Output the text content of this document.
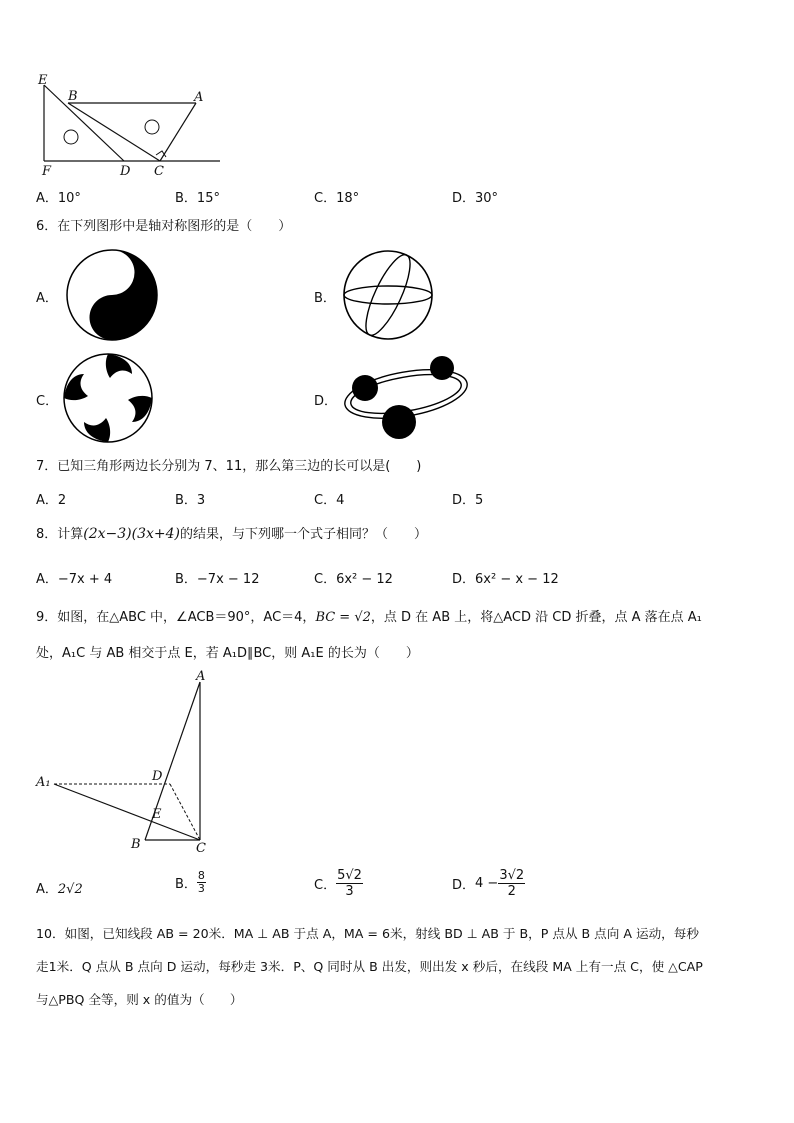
E
B	A
F	D C
A．10°	B．15°	C．18°	D．30°
6．在下列图形中是轴对称图形的是（　　）
A．	B．
C．	D．
7．已知三角形两边长分别为 7、11，那么第三边的长可以是(　　)
A．2	B．3	C．4	D．5
8．计算(2x−3)(3x+4)的结果，与下列哪一个式子相同？（　　）
A．−7x + 4	B．−7x − 12	C．6x² − 12	D．6x² − x − 12
9．如图，在△ABC 中，∠ACB＝90°，AC＝4，BC = √2，点 D 在 AB 上，将△ACD 沿 CD 折叠，点 A 落在点 A₁
处，A₁C 与 AB 相交于点 E，若 A₁D∥BC，则 A₁E 的长为（　　）
A
A₁	D
E
B	C
A．2√2	B． $\frac{8}{3}$	C． $\frac{5√2}{3}$	D．$4 - \frac{3√2}{2}$
10．如图，已知线段 AB = 20米．MA ⊥ AB 于点 A，MA = 6米，射线 BD ⊥ AB 于 B，P 点从 B 点向 A 运动，每秒
走1米．Q 点从 B 点向 D 运动，每秒走 3米．P、Q 同时从 B 出发，则出发 x 秒后，在线段 MA 上有一点 C，使 △CAP
与△PBQ 全等，则 x 的值为（　　）
